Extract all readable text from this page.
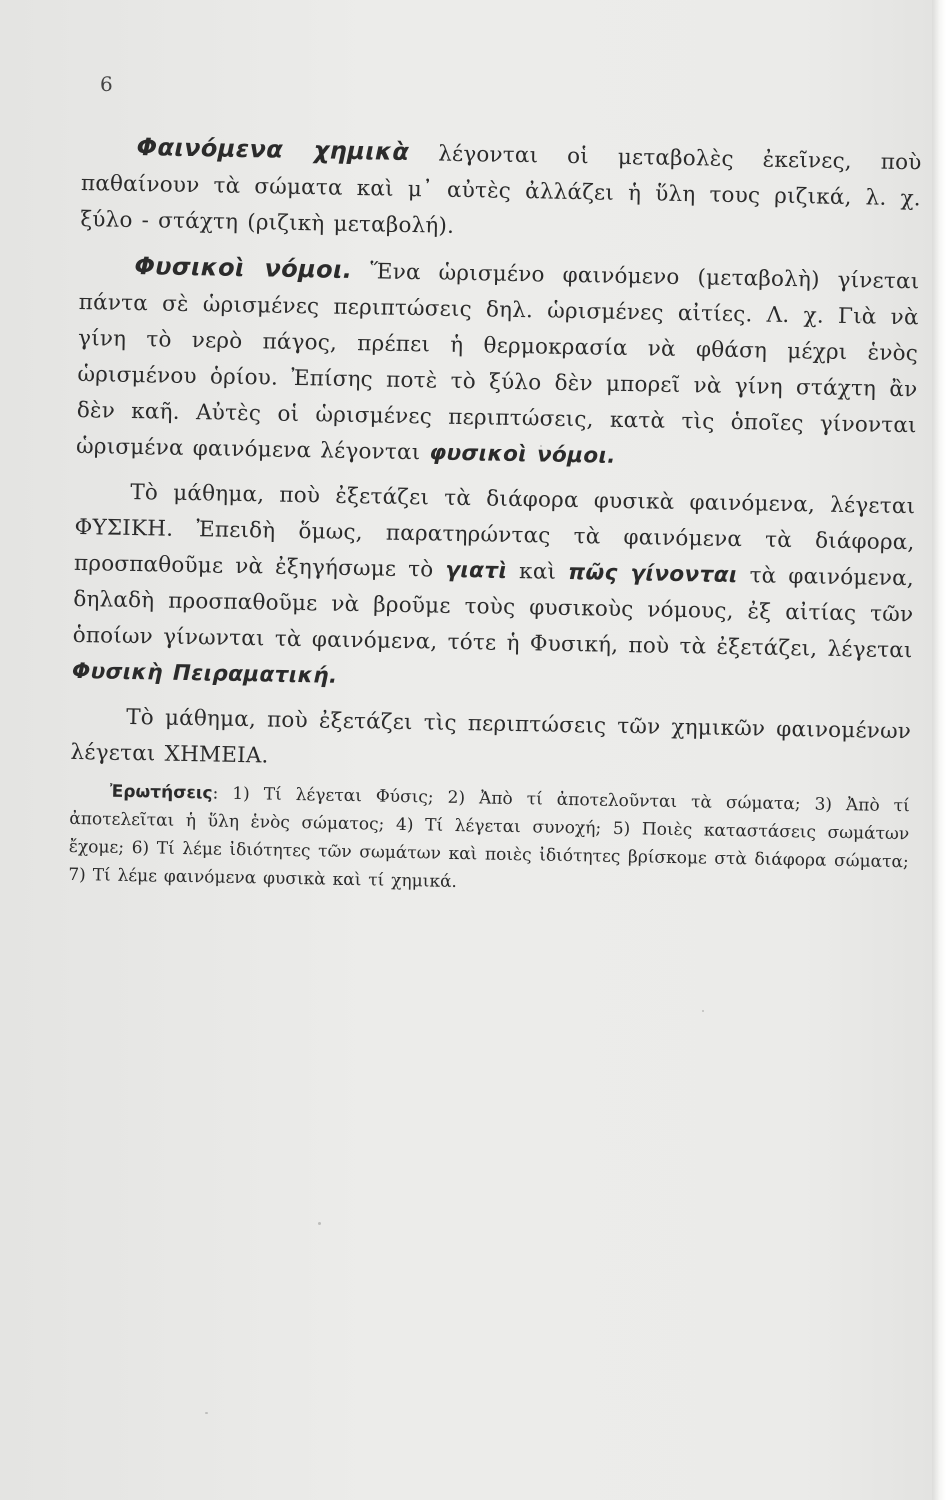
6

Φαινόμενα χημικὰ λέγονται οἱ μεταβολὲς ἐκεῖνες, ποὺ παθαίνουν τὰ σώματα καὶ μ᾽ αὐτὲς ἀλλάζει ἡ ὕλη τους ριζικά, λ. χ. ξύλο - στάχτη (ριζικὴ μεταβολή).

Φυσικοὶ νόμοι. Ἕνα ὡρισμένο φαινόμενο (μεταβολὴ) γίνεται πάντα σὲ ὡρισμένες περιπτώσεις δηλ. ὡρισμένες αἰτίες. Λ. χ. Γιὰ νὰ γίνη τὸ νερὸ πάγος, πρέπει ἡ θερμοκρασία νὰ φθάση μέχρι ἑνὸς ὡρισμένου ὁρίου. Ἐπίσης ποτὲ τὸ ξύλο δὲν μπορεῖ νὰ γίνη στάχτη ἂν δὲν καῆ. Αὐτὲς οἱ ὡρισμένες περιπτώσεις, κατὰ τὶς ὁποῖες γίνονται ὡρισμένα φαινόμενα λέγονται φυσικοὶ νόμοι.

Τὸ μάθημα, ποὺ ἐξετάζει τὰ διάφορα φυσικὰ φαινόμενα, λέγεται ΦΥΣΙΚΗ. Ἐπειδὴ ὅμως, παρατηρώντας τὰ φαινόμενα τὰ διάφορα, προσπαθοῦμε νὰ ἐξηγήσωμε τὸ γιατὶ καὶ πῶς γίνονται τὰ φαινόμενα, δηλαδὴ προσπαθοῦμε νὰ βροῦμε τοὺς φυσικοὺς νόμους, ἐξ αἰτίας τῶν ὁποίων γίνωνται τὰ φαινόμενα, τότε ἡ Φυσική, ποὺ τὰ ἐξετάζει, λέγεται Φυσικὴ Πειραματική.

Τὸ μάθημα, ποὺ ἐξετάζει τὶς περιπτώσεις τῶν χημικῶν φαινομένων λέγεται ΧΗΜΕΙΑ.

Ἐρωτήσεις: 1) Τί λέγεται Φύσις; 2) Ἀπὸ τί ἀποτελοῦνται τὰ σώματα; 3) Ἀπὸ τί ἀποτελεῖται ἡ ὕλη ἑνὸς σώματος; 4) Τί λέγεται συνοχή; 5) Ποιὲς καταστάσεις σωμάτων ἔχομε; 6) Τί λέμε ἰδιότητες τῶν σωμάτων καὶ ποιὲς ἰδιότητες βρίσκομε στὰ διάφορα σώματα; 7) Τί λέμε φαινόμενα φυσικὰ καὶ τί χημικά.
